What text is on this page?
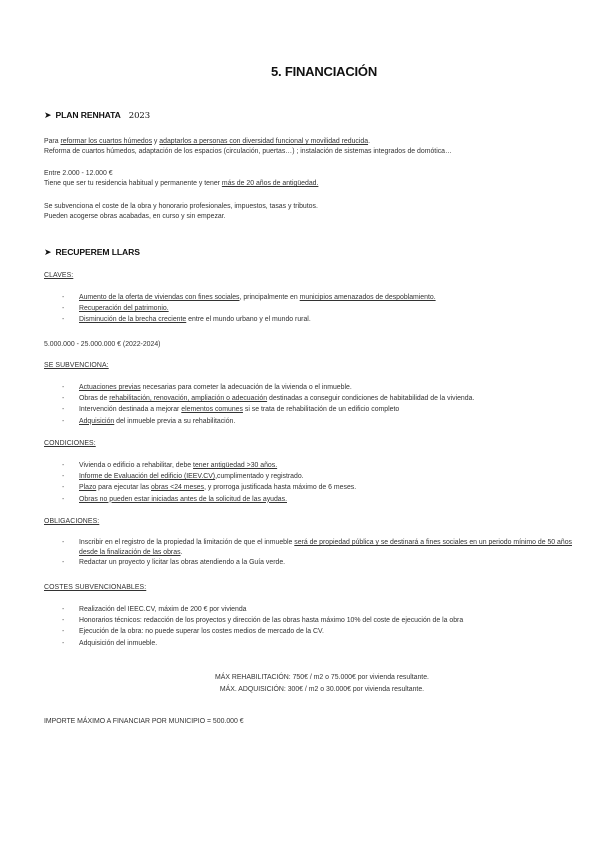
5. FINANCIACIÓN
➤ PLAN RENHATA 2023
Para reformar los cuartos húmedos y adaptarlos a personas con diversidad funcional y movilidad reducida.
Reforma de cuartos húmedos, adaptación de los espacios (circulación, puertas…) ; instalación de sistemas integrados de domótica…
Entre 2.000 - 12.000 €
Tiene que ser tu residencia habitual y permanente y tener más de 20 años de antigüedad.
Se subvenciona el coste de la obra y honorario profesionales, impuestos, tasas y tributos.
Pueden acogerse obras acabadas, en curso y sin empezar.
➤ RECUPEREM LLARS
CLAVES:
- Aumento de la oferta de viviendas con fines sociales, principalmente en municipios amenazados de despoblamiento.
- Recuperación del patrimonio.
- Disminución de la brecha creciente entre el mundo urbano y el mundo rural.
5.000.000 - 25.000.000 € (2022-2024)
SE SUBVENCIONA:
- Actuaciones previas necesarias para cometer la adecuación de la vivienda o el inmueble.
- Obras de rehabilitación, renovación, ampliación o adecuación destinadas a conseguir condiciones de habitabilidad de la vivienda.
- Intervención destinada a mejorar elementos comunes si se trata de rehabilitación de un edificio completo
- Adquisición del inmueble previa a su rehabilitación.
CONDICIONES:
- Vivienda o edificio a rehabilitar, debe tener antigüedad >30 años.
- Informe de Evaluación del edificio (IEEV.CV),cumplimentado y registrado.
- Plazo para ejecutar las obras <24 meses, y prorroga justificada hasta máximo de 6 meses.
- Obras no pueden estar iniciadas antes de la solicitud de las ayudas.
OBLIGACIONES:
- Inscribir en el registro de la propiedad la limitación de que el inmueble será de propiedad pública y se destinará a fines sociales en un periodo mínimo de 50 años desde la finalización de las obras.
- Redactar un proyecto y licitar las obras atendiendo a la Guía verde.
COSTES SUBVENCIONABLES:
- Realización del IEEC.CV, máxim de 200 € por vivienda
- Honorarios técnicos: redacción de los proyectos y dirección de las obras hasta máximo 10% del coste de ejecución de la obra
- Ejecución de la obra: no puede superar los costes medios de mercado de la CV.
- Adquisición del inmueble.
MÁX REHABILITACIÓN: 750€ / m2 o 75.000€ por vivienda resultante.
MÁX. ADQUISICIÓN: 300€ / m2 o 30.000€ por vivienda resultante.
IMPORTE MÁXIMO A FINANCIAR POR MUNICIPIO = 500.000 €
